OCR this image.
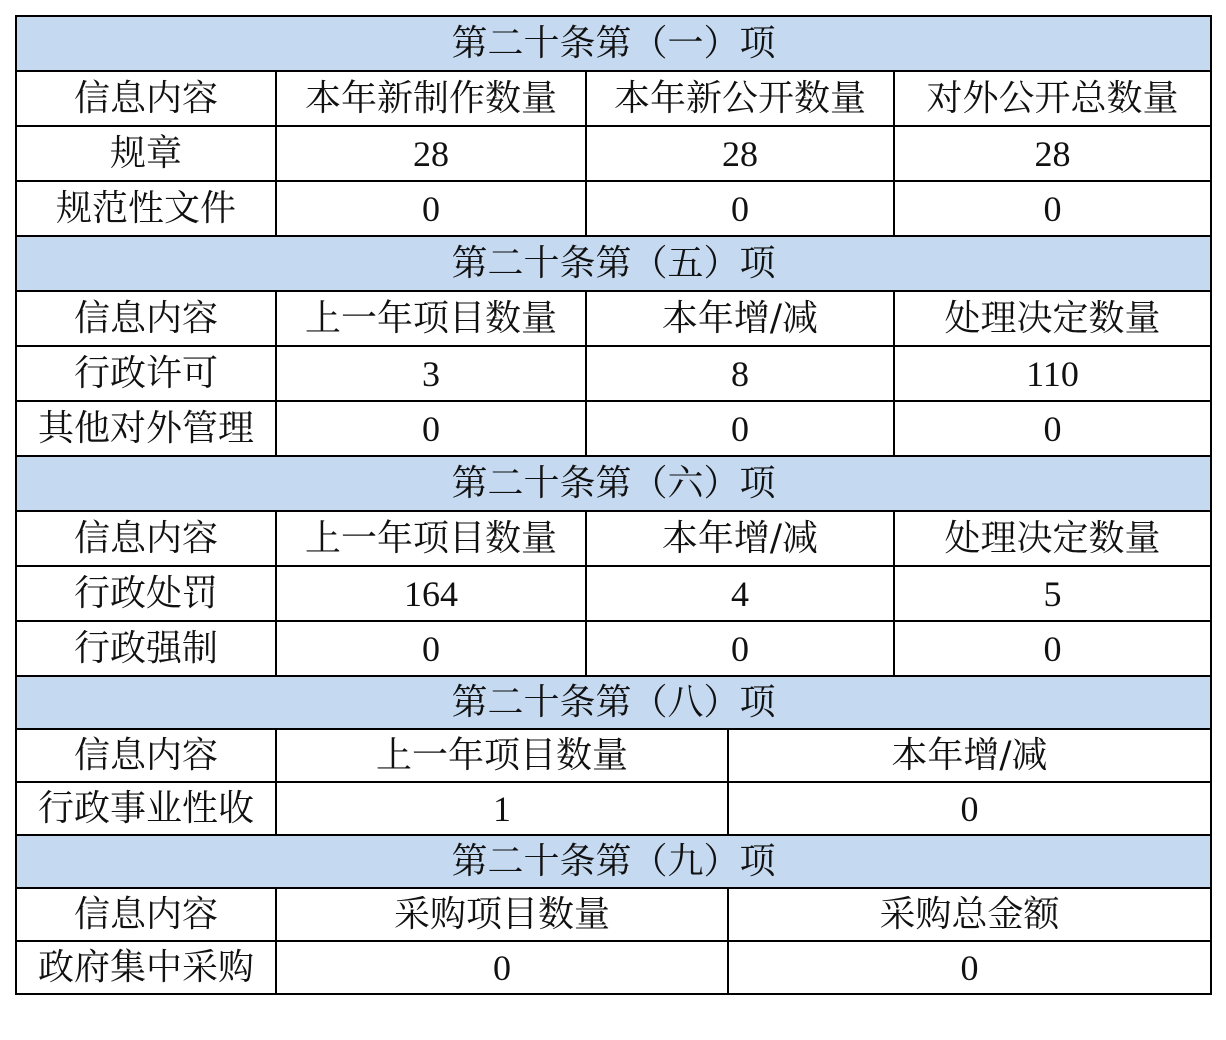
第二十条第（一）项				
信息内容	本年新制作数量	本年新公开数量		对外公开总数量
规章	28	28		28
规范性文件	0	0		0
第二十条第（五）项				
信息内容	上一年项目数量	本年增/减		处理决定数量
行政许可	3	8		110
其他对外管理	0	0		0
第二十条第（六）项				
信息内容	上一年项目数量	本年增/减		处理决定数量
行政处罚	164	4		5
行政强制	0	0		0
第二十条第（八）项				
信息内容	上一年项目数量		本年增/减	
行政事业性收	1		0	
第二十条第（九）项				
信息内容	采购项目数量		采购总金额	
政府集中采购	0		0	
